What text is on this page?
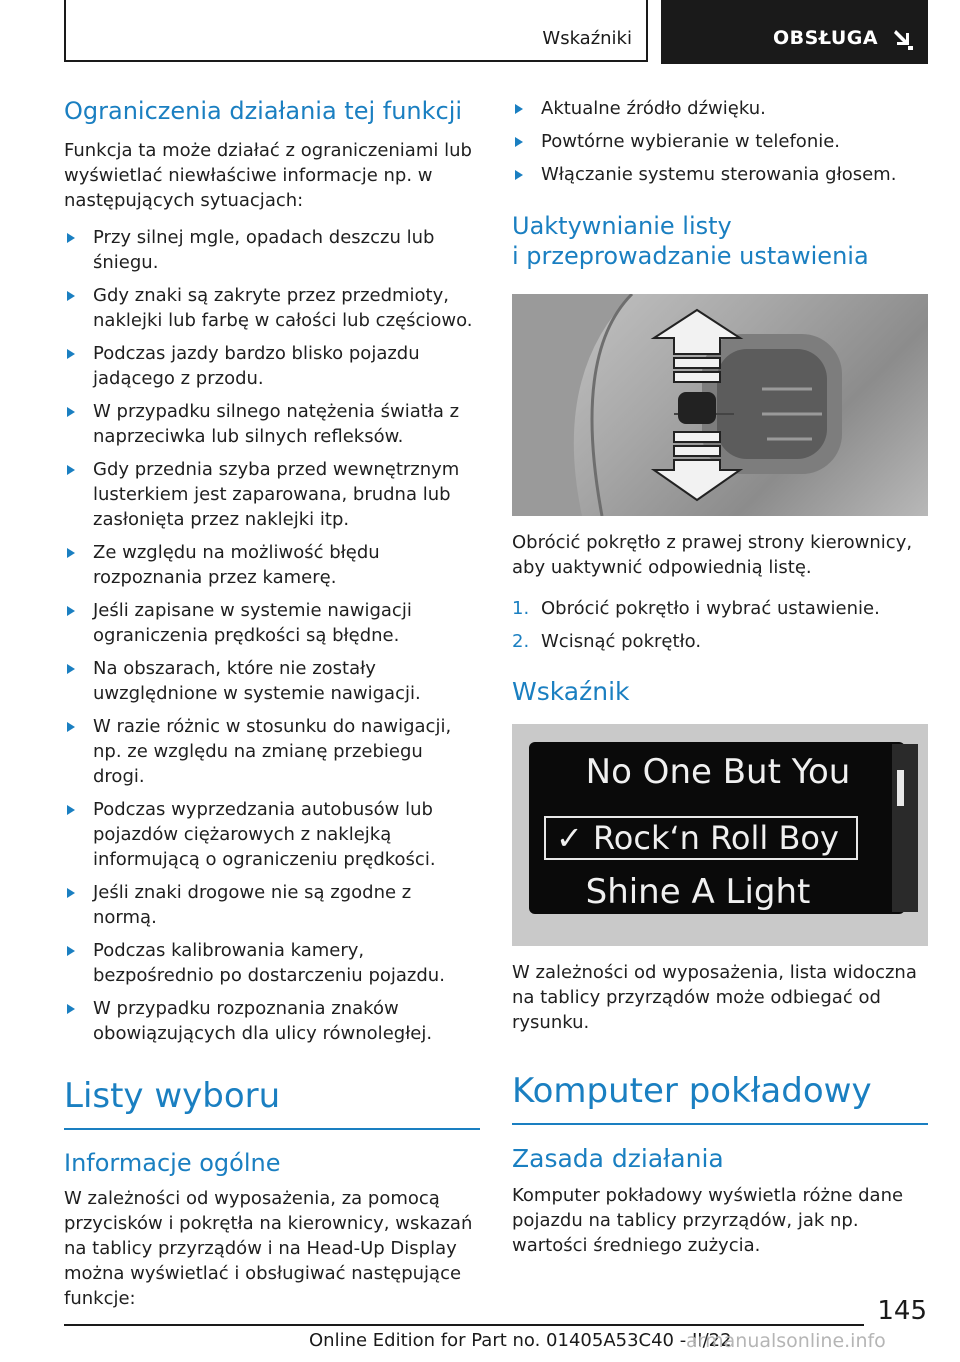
Wskaźniki	OBSŁUGA
Ograniczenia działania tej funkcji

Funkcja ta może działać z ograniczeniami lub wyświetlać niewłaściwe informacje np. w następujących sytuacjach:

Przy silnej mgle, opadach deszczu lub śniegu.
Gdy znaki są zakryte przez przedmioty, naklejki lub farbę w całości lub częściowo.
Podczas jazdy bardzo blisko pojazdu jadącego z przodu.
W przypadku silnego natężenia światła z naprzeciwka lub silnych refleksów.
Gdy przednia szyba przed wewnętrznym lusterkiem jest zaparowana, brudna lub zasłonięta przez naklejki itp.
Ze względu na możliwość błędu rozpoznania przez kamerę.
Jeśli zapisane w systemie nawigacji ograniczenia prędkości są błędne.
Na obszarach, które nie zostały uwzględnione w systemie nawigacji.
W razie różnic w stosunku do nawigacji, np. ze względu na zmianę przebiegu drogi.
Podczas wyprzedzania autobusów lub pojazdów ciężarowych z naklejką informującą o ograniczeniu prędkości.
Jeśli znaki drogowe nie są zgodne z normą.
Podczas kalibrowania kamery, bezpośrednio po dostarczeniu pojazdu.
W przypadku rozpoznania znaków obowiązujących dla ulicy równoległej.
Listy wyboru
Informacje ogólne

W zależności od wyposażenia, za pomocą przycisków i pokrętła na kierownicy, wskazań na tablicy przyrządów i na Head-Up Display można wyświetlać i obsługiwać następujące funkcje:

Aktualne źródło dźwięku.
Powtórne wybieranie w telefonie.
Włączanie systemu sterowania głosem.
Uaktywnianie listy
i przeprowadzanie ustawienia

Obrócić pokrętło z prawej strony kierownicy, aby uaktywnić odpowiednią listę.

1. Obrócić pokrętło i wybrać ustawienie.
2. Wcisnąć pokrętło.
Wskaźnik
No One But You
✓ Rock‘n Roll Boy
Shine A Light

W zależności od wyposażenia, lista widoczna na tablicy przyrządów może odbiegać od rysunku.

Komputer pokładowy
Zasada działania

Komputer pokładowy wyświetla różne dane pojazdu na tablicy przyrządów, jak np. wartości średniego zużycia.

145
Online Edition for Part no. 01405A53C40 - II/22
armanualsonline.info
